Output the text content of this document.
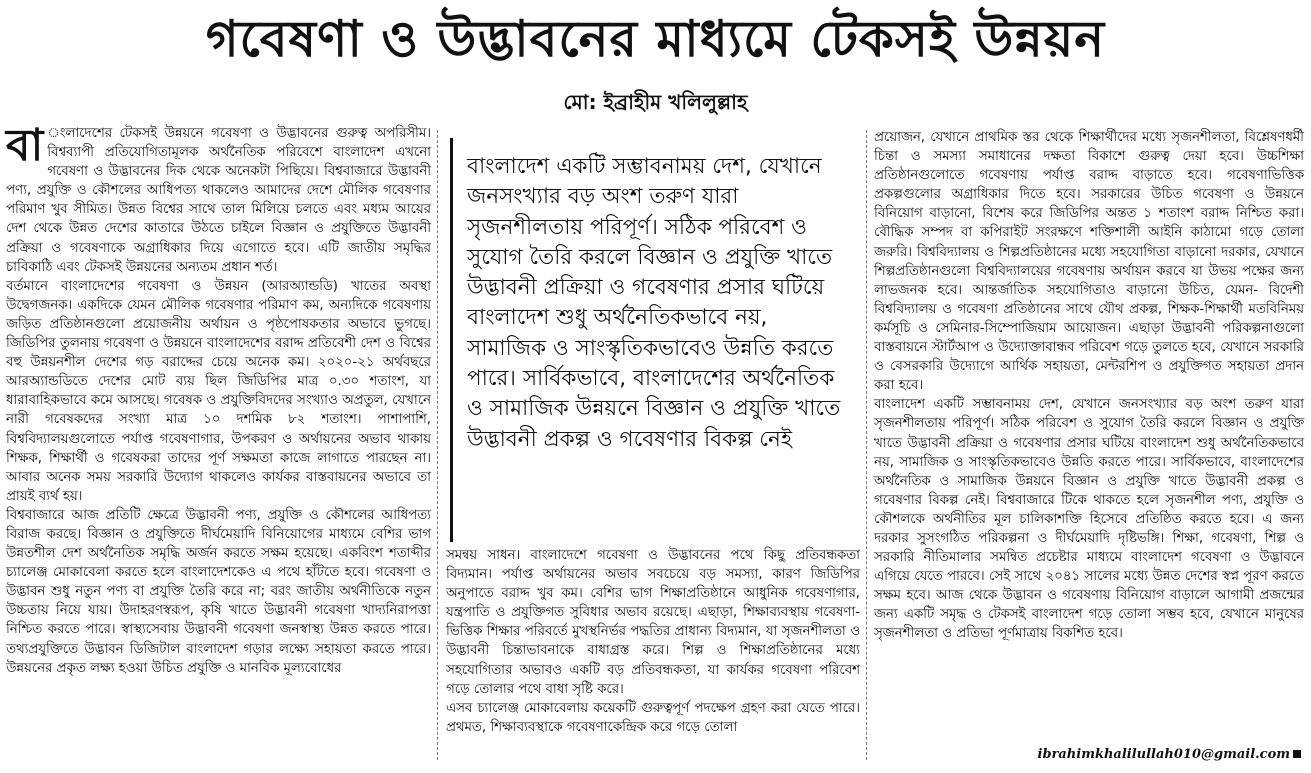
গবেষণা ও উদ্ভাবনের মাধ্যমে টেকসই উন্নয়ন
মো: ইব্রাহীম খলিলুল্লাহ

বা ংলাদেশের টেকসই উন্নয়নে গবেষণা ও উদ্ভাবনের গুরুত্ব অপরিসীম। বিশ্বব্যাপী প্রতিযোগিতামূলক অর্থনৈতিক পরিবেশে বাংলাদেশ এখনো গবেষণা ও উদ্ভাবনের দিক থেকে অনেকটা পিছিয়ে। বিশ্ববাজারে উদ্ভাবনী পণ্য, প্রযুক্তি ও কৌশলের আধিপত্য থাকলেও আমাদের দেশে মৌলিক গবেষণার পরিমাণ খুব সীমিত। উন্নত বিশ্বের সাথে তাল মিলিয়ে চলতে এবং মধ্যম আয়ের দেশ থেকে উন্নত দেশের কাতারে উঠতে চাইলে বিজ্ঞান ও প্রযুক্তিতে উদ্ভাবনী প্রক্রিয়া ও গবেষণাকে অগ্রাধিকার দিয়ে এগোতে হবে। এটি জাতীয় সমৃদ্ধির চাবিকাঠি এবং টেকসই উন্নয়নের অন্যতম প্রধান শর্ত।

বর্তমানে বাংলাদেশের গবেষণা ও উন্নয়ন (আরঅ্যান্ডডি) খাতের অবস্থা উদ্বেগজনক। একদিকে যেমন মৌলিক গবেষণার পরিমাণ কম, অন্যদিকে গবেষণায় জড়িত প্রতিষ্ঠানগুলো প্রয়োজনীয় অর্থায়ন ও পৃষ্ঠপোষকতার অভাবে ভুগছে। জিডিপির তুলনায় গবেষণা ও উন্নয়নে বাংলাদেশের বরাদ্দ প্রতিবেশী দেশ ও বিশ্বের বহু উন্নয়নশীল দেশের গড় বরাদ্দের চেয়ে অনেক কম। ২০২০-২১ অর্থবছরে আরঅ্যান্ডডিতে দেশের মোট ব্যয় ছিল জিডিপির মাত্র ০.৩০ শতাংশ, যা ধারাবাহিকভাবে কমে আসছে। গবেষক ও প্রযুক্তিবিদদের সংখ্যাও অপ্রতুল, যেখানে নারী গবেষকদের সংখ্যা মাত্র ১০ দশমিক ৮২ শতাংশ। পাশাপাশি, বিশ্ববিদ্যালয়গুলোতে পর্যাপ্ত গবেষণাগার, উপকরণ ও অর্থায়নের অভাব থাকায় শিক্ষক, শিক্ষার্থী ও গবেষকরা তাদের পূর্ণ সক্ষমতা কাজে লাগাতে পারছেন না। আবার অনেক সময় সরকারি উদ্যোগ থাকলেও কার্যকর বাস্তবায়নের অভাবে তা প্রায়ই ব্যর্থ হয়।

বিশ্ববাজারে আজ প্রতিটি ক্ষেত্রে উদ্ভাবনী পণ্য, প্রযুক্তি ও কৌশলের আধিপত্য বিরাজ করছে। বিজ্ঞান ও প্রযুক্তিতে দীর্ঘমেয়াদি বিনিয়োগের মাধ্যমে বেশির ভাগ উন্নতশীল দেশ অর্থনৈতিক সমৃদ্ধি অর্জন করতে সক্ষম হয়েছে। একবিংশ শতাব্দীর চ্যালেঞ্জ মোকাবেলা করতে হলে বাংলাদেশকেও এ পথে হাঁটতে হবে। গবেষণা ও উদ্ভাবন শুধু নতুন পণ্য বা প্রযুক্তি তৈরি করে না; বরং জাতীয় অর্থনীতিকে নতুন উচ্চতায় নিয়ে যায়। উদাহরণস্বরূপ, কৃষি খাতে উদ্ভাবনী গবেষণা খাদ্যনিরাপত্তা নিশ্চিত করতে পারে। স্বাস্থ্যসেবায় উদ্ভাবনী গবেষণা জনস্বাস্থ্য উন্নত করতে পারে। তথ্যপ্রযুক্তিতে উদ্ভাবন ডিজিটাল বাংলাদেশ গড়ার লক্ষ্যে সহায়তা করতে পারে। উন্নয়নের প্রকৃত লক্ষ্য হওয়া উচিত প্রযুক্তি ও মানবিক মূল্যবোধের

বাংলাদেশ একটি সম্ভাবনাময় দেশ, যেখানে জনসংখ্যার বড় অংশ তরুণ যারা সৃজনশীলতায় পরিপূর্ণ। সঠিক পরিবেশ ও সুযোগ তৈরি করলে বিজ্ঞান ও প্রযুক্তি খাতে উদ্ভাবনী প্রক্রিয়া ও গবেষণার প্রসার ঘটিয়ে বাংলাদেশ শুধু অর্থনৈতিকভাবে নয়, সামাজিক ও সাংস্কৃতিকভাবেও উন্নতি করতে পারে। সার্বিকভাবে, বাংলাদেশের অর্থনৈতিক ও সামাজিক উন্নয়নে বিজ্ঞান ও প্রযুক্তি খাতে উদ্ভাবনী প্রকল্প ও গবেষণার বিকল্প নেই

সমন্বয় সাধন। বাংলাদেশে গবেষণা ও উদ্ভাবনের পথে কিছু প্রতিবন্ধকতা বিদ্যমান। পর্যাপ্ত অর্থায়নের অভাব সবচেয়ে বড় সমস্যা, কারণ জিডিপির অনুপাতে বরাদ্দ খুব কম। বেশির ভাগ শিক্ষাপ্রতিষ্ঠানে আধুনিক গবেষণাগার, যন্ত্রপাতি ও প্রযুক্তিগত সুবিধার অভাব রয়েছে। এছাড়া, শিক্ষাব্যবস্থায় গবেষণা-ভিত্তিক শিক্ষার পরিবর্তে মুখস্থনির্ভর পদ্ধতির প্রাধান্য বিদ্যমান, যা সৃজনশীলতা ও উদ্ভাবনী চিন্তাভাবনাকে বাধাগ্রস্ত করে। শিল্প ও শিক্ষাপ্রতিষ্ঠানের মধ্যে সহযোগিতার অভাবও একটি বড় প্রতিবন্ধকতা, যা কার্যকর গবেষণা পরিবেশ গড়ে তোলার পথে বাধা সৃষ্টি করে।

এসব চ্যালেঞ্জ মোকাবেলায় কয়েকটি গুরুত্বপূর্ণ পদক্ষেপ গ্রহণ করা যেতে পারে। প্রথমত, শিক্ষাব্যবস্থাকে গবেষণাকেন্দ্রিক করে গড়ে তোলা

প্রয়োজন, যেখানে প্রাথমিক স্তর থেকে শিক্ষার্থীদের মধ্যে সৃজনশীলতা, বিশ্লেষণধর্মী চিন্তা ও সমস্যা সমাধানের দক্ষতা বিকাশে গুরুত্ব দেয়া হবে। উচ্চশিক্ষা প্রতিষ্ঠানগুলোতে গবেষণায় পর্যাপ্ত বরাদ্দ বাড়াতে হবে। গবেষণাভিত্তিক প্রকল্পগুলোর অগ্রাধিকার দিতে হবে। সরকারের উচিত গবেষণা ও উন্নয়নে বিনিয়োগ বাড়ানো, বিশেষ করে জিডিপির অন্তত ১ শতাংশ বরাদ্দ নিশ্চিত করা। বৌদ্ধিক সম্পদ বা কপিরাইট সংরক্ষণে শক্তিশালী আইনি কাঠামো গড়ে তোলা জরুরি। বিশ্ববিদ্যালয় ও শিল্পপ্রতিষ্ঠানের মধ্যে সহযোগিতা বাড়ানো দরকার, যেখানে শিল্পপ্রতিষ্ঠানগুলো বিশ্ববিদ্যালয়ের গবেষণায় অর্থায়ন করবে যা উভয় পক্ষের জন্য লাভজনক হবে। আন্তর্জাতিক সহযোগিতাও বাড়ানো উচিত, যেমন- বিদেশী বিশ্ববিদ্যালয় ও গবেষণা প্রতিষ্ঠানের সাথে যৌথ প্রকল্প, শিক্ষক-শিক্ষার্থী মতবিনিময় কর্মসূচি ও সেমিনার-সিম্পোজিয়াম আয়োজন। এছাড়া উদ্ভাবনী পরিকল্পনাগুলো বাস্তবায়নে স্টার্টআপ ও উদ্যোক্তাবান্ধব পরিবেশ গড়ে তুলতে হবে, যেখানে সরকারি ও বেসরকারি উদ্যোগে আর্থিক সহায়তা, মেন্টরশিপ ও প্রযুক্তিগত সহায়তা প্রদান করা হবে।

বাংলাদেশ একটি সম্ভাবনাময় দেশ, যেখানে জনসংখ্যার বড় অংশ তরুণ যারা সৃজনশীলতায় পরিপূর্ণ। সঠিক পরিবেশ ও সুযোগ তৈরি করলে বিজ্ঞান ও প্রযুক্তি খাতে উদ্ভাবনী প্রক্রিয়া ও গবেষণার প্রসার ঘটিয়ে বাংলাদেশ শুধু অর্থনৈতিকভাবে নয়, সামাজিক ও সাংস্কৃতিকভাবেও উন্নতি করতে পারে। সার্বিকভাবে, বাংলাদেশের অর্থনৈতিক ও সামাজিক উন্নয়নে বিজ্ঞান ও প্রযুক্তি খাতে উদ্ভাবনী প্রকল্প ও গবেষণার বিকল্প নেই। বিশ্ববাজারে টিকে থাকতে হলে সৃজনশীল পণ্য, প্রযুক্তি ও কৌশলকে অর্থনীতির মূল চালিকাশক্তি হিসেবে প্রতিষ্ঠিত করতে হবে। এ জন্য দরকার সুসংগঠিত পরিকল্পনা ও দীর্ঘমেয়াদি দৃষ্টিভঙ্গি। শিক্ষা, গবেষণা, শিল্প ও সরকারি নীতিমালার সমন্বিত প্রচেষ্টার মাধ্যমে বাংলাদেশ গবেষণা ও উদ্ভাবনে এগিয়ে যেতে পারবে। সেই সাথে ২০৪১ সালের মধ্যে উন্নত দেশের স্বপ্ন পূরণ করতে সক্ষম হবে। আজ থেকে উদ্ভাবন ও গবেষণায় বিনিয়োগ বাড়ালে আগামী প্রজন্মের জন্য একটি সমৃদ্ধ ও টেকসই বাংলাদেশ গড়ে তোলা সম্ভব হবে, যেখানে মানুষের সৃজনশীলতা ও প্রতিভা পূর্ণমাত্রায় বিকশিত হবে।

ibrahimkhalilullah010@gmail.com
